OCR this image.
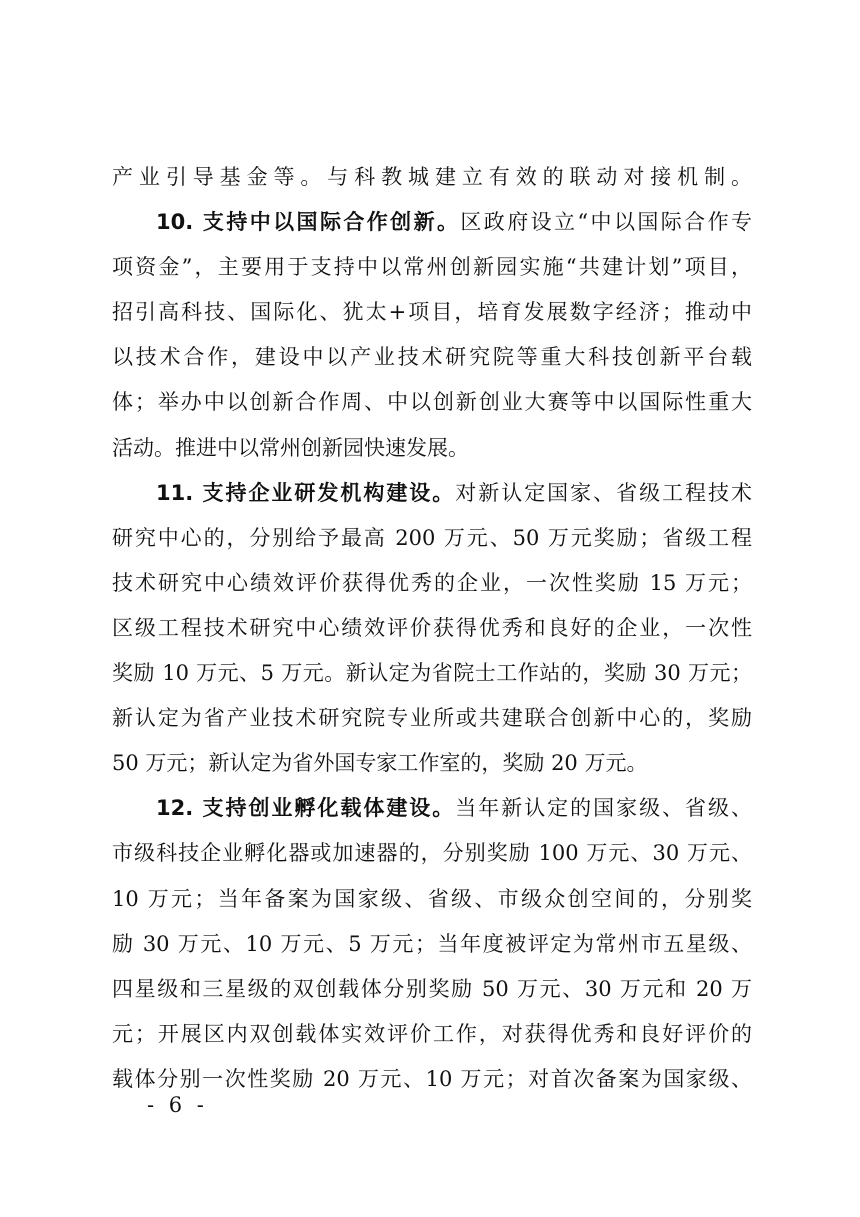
产业引导基金等。与科教城建立有效的联动对接机制。
10. 支持中以国际合作创新。区政府设立“中以国际合作专
项资金”，主要用于支持中以常州创新园实施“共建计划”项目，
招引高科技、国际化、犹太+项目，培育发展数字经济；推动中
以技术合作，建设中以产业技术研究院等重大科技创新平台载
体；举办中以创新合作周、中以创新创业大赛等中以国际性重大
活动。推进中以常州创新园快速发展。
11. 支持企业研发机构建设。对新认定国家、省级工程技术
研究中心的，分别给予最高 200 万元、50 万元奖励；省级工程
技术研究中心绩效评价获得优秀的企业，一次性奖励 15 万元；
区级工程技术研究中心绩效评价获得优秀和良好的企业，一次性
奖励 10 万元、5 万元。新认定为省院士工作站的，奖励 30 万元；
新认定为省产业技术研究院专业所或共建联合创新中心的，奖励
50 万元；新认定为省外国专家工作室的，奖励 20 万元。
12. 支持创业孵化载体建设。当年新认定的国家级、省级、
市级科技企业孵化器或加速器的，分别奖励 100 万元、30 万元、
10 万元；当年备案为国家级、省级、市级众创空间的，分别奖
励 30 万元、10 万元、5 万元；当年度被评定为常州市五星级、
四星级和三星级的双创载体分别奖励 50 万元、30 万元和 20 万
元；开展区内双创载体实效评价工作，对获得优秀和良好评价的
载体分别一次性奖励 20 万元、10 万元；对首次备案为国家级、
- 6 -
